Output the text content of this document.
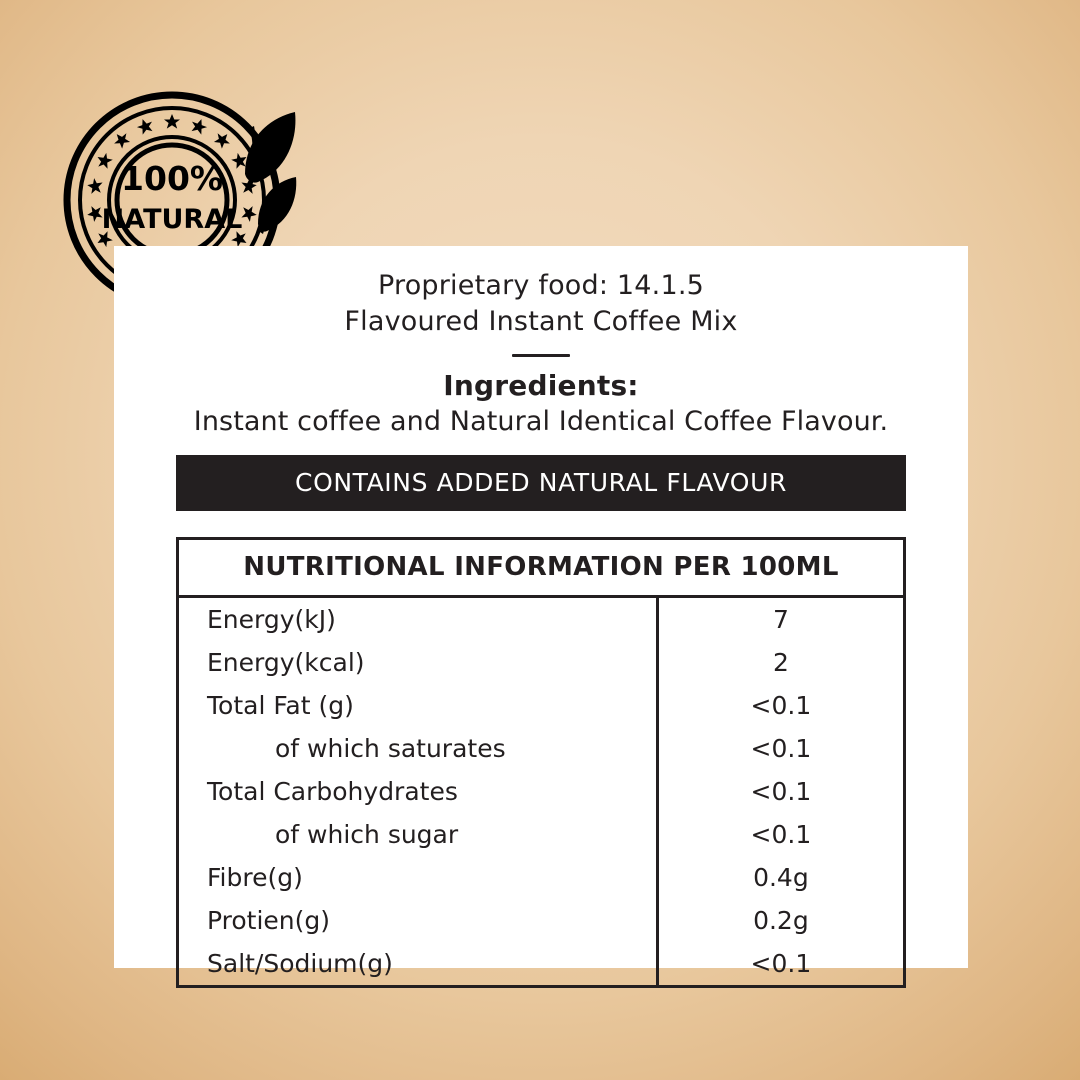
100%
NATURAL
Proprietary food: 14.1.5
Flavoured Instant Coffee Mix
Ingredients:
Instant coffee and Natural Identical Coffee Flavour.
CONTAINS ADDED NATURAL FLAVOUR
NUTRITIONAL INFORMATION PER 100ML	
Energy(kJ)	7
Energy(kcal)	2
Total Fat (g)	<0.1
of which saturates	<0.1
Total Carbohydrates	<0.1
of which sugar	<0.1
Fibre(g)	0.4g
Protien(g)	0.2g
Salt/Sodium(g)	<0.1
